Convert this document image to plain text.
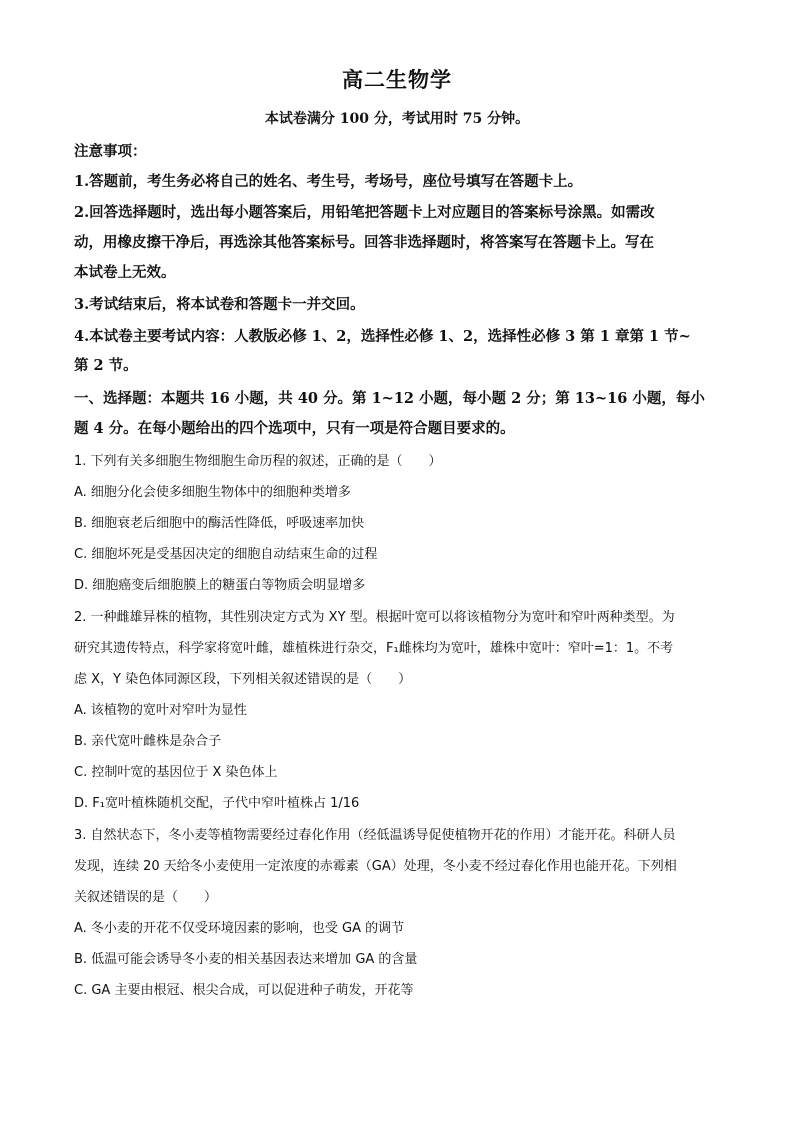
高二生物学
本试卷满分 100 分，考试用时 75 分钟。
注意事项：
1.答题前，考生务必将自己的姓名、考生号，考场号，座位号填写在答题卡上。
2.回答选择题时，选出每小题答案后，用铅笔把答题卡上对应题目的答案标号涂黑。如需改
动，用橡皮擦干净后，再选涂其他答案标号。回答非选择题时，将答案写在答题卡上。写在
本试卷上无效。
3.考试结束后，将本试卷和答题卡一并交回。
4.本试卷主要考试内容：人教版必修 1、2，选择性必修 1、2，选择性必修 3 第 1 章第 1 节~
第 2 节。
一、选择题：本题共 16 小题，共 40 分。第 1~12 小题，每小题 2 分；第 13~16 小题，每小
题 4 分。在每小题给出的四个选项中，只有一项是符合题目要求的。
1. 下列有关多细胞生物细胞生命历程的叙述，正确的是（　　）
A. 细胞分化会使多细胞生物体中的细胞种类增多
B. 细胞衰老后细胞中的酶活性降低，呼吸速率加快
C. 细胞坏死是受基因决定的细胞自动结束生命的过程
D. 细胞癌变后细胞膜上的糖蛋白等物质会明显增多
2. 一种雌雄异株的植物，其性别决定方式为 XY 型。根据叶宽可以将该植物分为宽叶和窄叶两种类型。为
研究其遗传特点，科学家将宽叶雌，雄植株进行杂交，F₁雌株均为宽叶，雄株中宽叶：窄叶=1：1。不考
虑 X，Y 染色体同源区段，下列相关叙述错误的是（　　）
A. 该植物的宽叶对窄叶为显性
B. 亲代宽叶雌株是杂合子
C. 控制叶宽的基因位于 X 染色体上
D. F₁宽叶植株随机交配，子代中窄叶植株占 1/16
3. 自然状态下，冬小麦等植物需要经过春化作用（经低温诱导促使植物开花的作用）才能开花。科研人员
发现，连续 20 天给冬小麦使用一定浓度的赤霉素（GA）处理，冬小麦不经过春化作用也能开花。下列相
关叙述错误的是（　　）
A. 冬小麦的开花不仅受环境因素的影响，也受 GA 的调节
B. 低温可能会诱导冬小麦的相关基因表达来增加 GA 的含量
C. GA 主要由根冠、根尖合成，可以促进种子萌发，开花等
